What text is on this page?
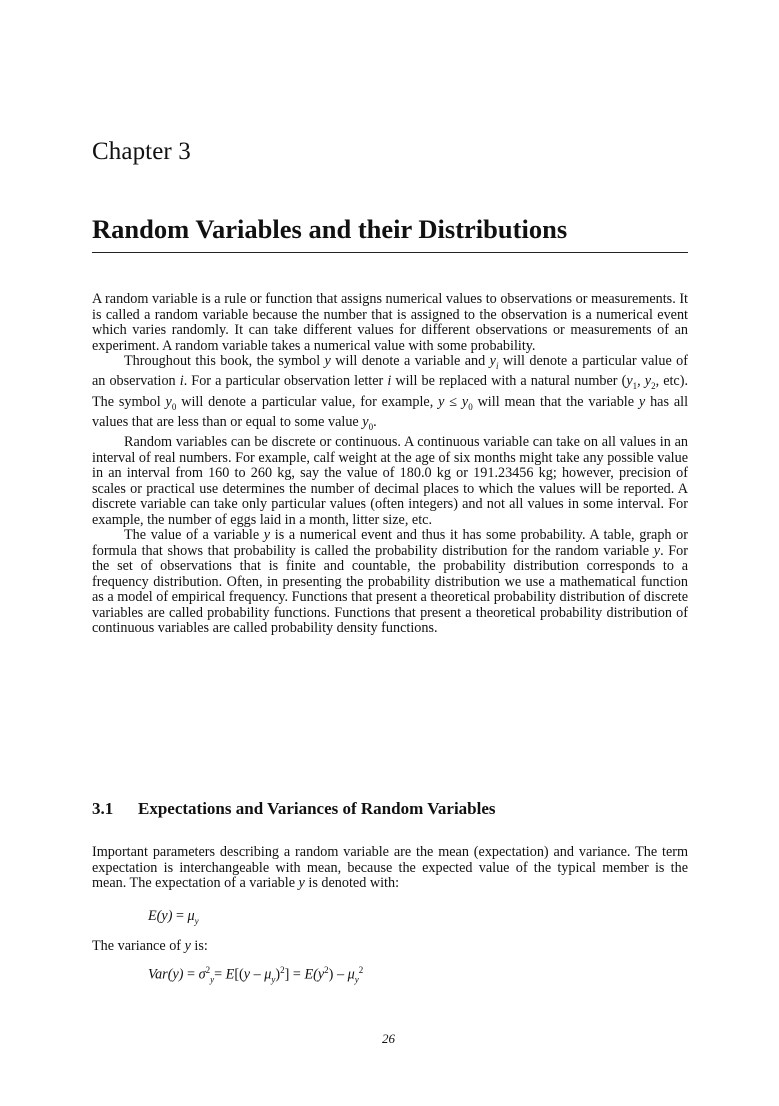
Chapter 3
Random Variables and their Distributions

A random variable is a rule or function that assigns numerical values to observations or measurements. It is called a random variable because the number that is assigned to the observation is a numerical event which varies randomly. It can take different values for different observations or measurements of an experiment. A random variable takes a numerical value with some probability.

Throughout this book, the symbol y will denote a variable and $y_i$ will denote a particular value of an observation i. For a particular observation letter i will be replaced with a natural number ($y_1$, $y_2$, etc). The symbol $y_0$ will denote a particular value, for example, $y \le y_0$ will mean that the variable y has all values that are less than or equal to some value $y_0$.

Random variables can be discrete or continuous. A continuous variable can take on all values in an interval of real numbers. For example, calf weight at the age of six months might take any possible value in an interval from 160 to 260 kg, say the value of 180.0 kg or 191.23456 kg; however, precision of scales or practical use determines the number of decimal places to which the values will be reported. A discrete variable can take only particular values (often integers) and not all values in some interval. For example, the number of eggs laid in a month, litter size, etc.

The value of a variable y is a numerical event and thus it has some probability. A table, graph or formula that shows that probability is called the probability distribution for the random variable y. For the set of observations that is finite and countable, the probability distribution corresponds to a frequency distribution. Often, in presenting the probability distribution we use a mathematical function as a model of empirical frequency. Functions that present a theoretical probability distribution of discrete variables are called probability functions. Functions that present a theoretical probability distribution of continuous variables are called probability density functions.

3.1 Expectations and Variances of Random Variables

Important parameters describing a random variable are the mean (expectation) and variance. The term expectation is interchangeable with mean, because the expected value of the typical member is the mean. The expectation of a variable y is denoted with:

$E(y) = \mu_y$
The variance of y is:
$Var(y) = \sigma^2_y= E[(y - \mu_y)^2] = E(y^2) - \mu_y^2$
26
